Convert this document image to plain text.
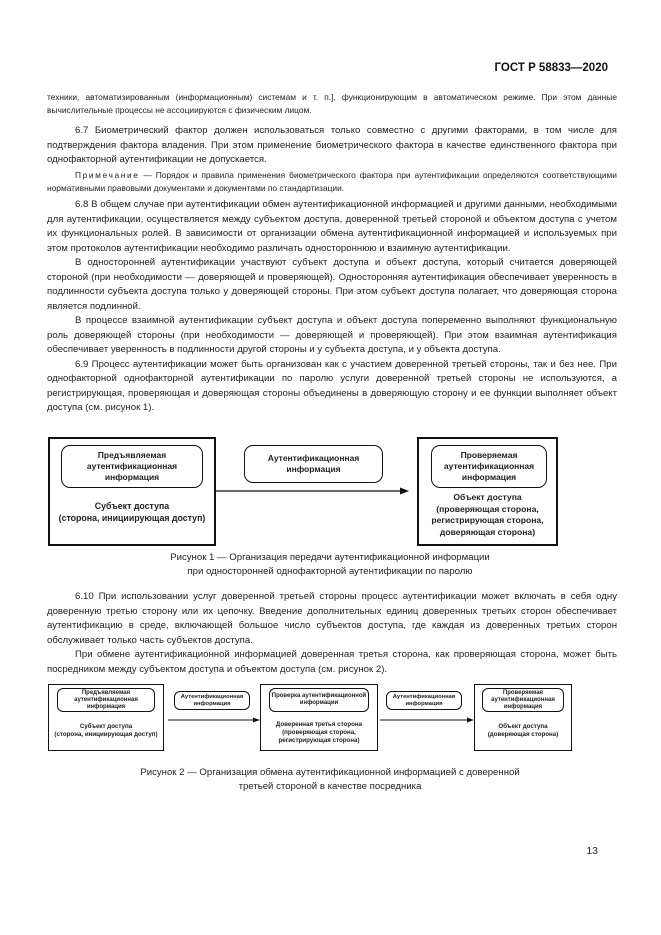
ГОСТ Р 58833—2020

техники, автоматизированным (информационным) системам и т. п.], функционирующим в автоматическом режиме. При этом данные вычислительные процессы не ассоциируются с физическим лицом.

6.7 Биометрический фактор должен использоваться только совместно с другими факторами, в том числе для подтверждения фактора владения. При этом применение биометрического фактора в качестве единственного фактора при однофакторной аутентификации не допускается.

Примечание — Порядок и правила применения биометрического фактора при аутентификации определяются соответствующими нормативными правовыми документами и документами по стандартизации.

6.8 В общем случае при аутентификации обмен аутентификационной информацией и другими данными, необходимыми для аутентификации, осуществляется между субъектом доступа, доверенной третьей стороной и объектом доступа с учетом их функциональных ролей. В зависимости от организации обмена аутентификационной информацией и используемых при этом протоколов аутентификации необходимо различать одностороннюю и взаимную аутентификации.

В односторонней аутентификации участвуют субъект доступа и объект доступа, который считается доверяющей стороной (при необходимости — доверяющей и проверяющей). Односторонняя аутентификация обеспечивает уверенность в подлинности субъекта доступа только у доверяющей стороны. При этом субъект доступа полагает, что доверяющая сторона является подлинной.

В процессе взаимной аутентификации субъект доступа и объект доступа попеременно выполняют функциональную роль доверяющей стороны (при необходимости — доверяющей и проверяющей). При этом взаимная аутентификация обеспечивает уверенность в подлинности другой стороны и у субъекта доступа, и у объекта доступа.

6.9 Процесс аутентификации может быть организован как с участием доверенной третьей стороны, так и без нее. При однофакторной однофакторной аутентификации по паролю услуги доверенной третьей стороны не используются, а регистрирующая, проверяющая и доверяющая стороны объединены в доверяющую сторону и ее функции выполняет объект доступа (см. рисунок 1).

Предъявляемая аутентификационная информация
Субъект доступа
(сторона, инициирующая доступ)
Аутентификационная информация
Проверяемая аутентификационная информация
Объект доступа
(проверяющая сторона, регистрирующая сторона, доверяющая сторона)
Рисунок 1 — Организация передачи аутентификационной информации
при односторонней однофакторной аутентификации по паролю

6.10 При использовании услуг доверенной третьей стороны процесс аутентификации может включать в себя одну доверенную третью сторону или их цепочку. Введение дополнительных единиц доверенных третьих сторон обеспечивает аутентификацию в среде, включающей большое число субъектов доступа, где каждая из доверенных третьих сторон обслуживает только часть субъектов доступа.

При обмене аутентификационной информацией доверенная третья сторона, как проверяющая сторона, может быть посредником между субъектом доступа и объектом доступа (см. рисунок 2).

Предъявляемая аутентификационная информация
Субъект доступа
(сторона, инициирующая доступ)
Аутентификационная информация
Проверка аутентификационной информации
Доверенная третья сторона
(проверяющая сторона, регистрирующая сторона)
Аутентификационная информация
Проверяемая аутентификационная информация
Объект доступа
(доверяющая сторона)
Рисунок 2 — Организация обмена аутентификационной информацией с доверенной
третьей стороной в качестве посредника
13
